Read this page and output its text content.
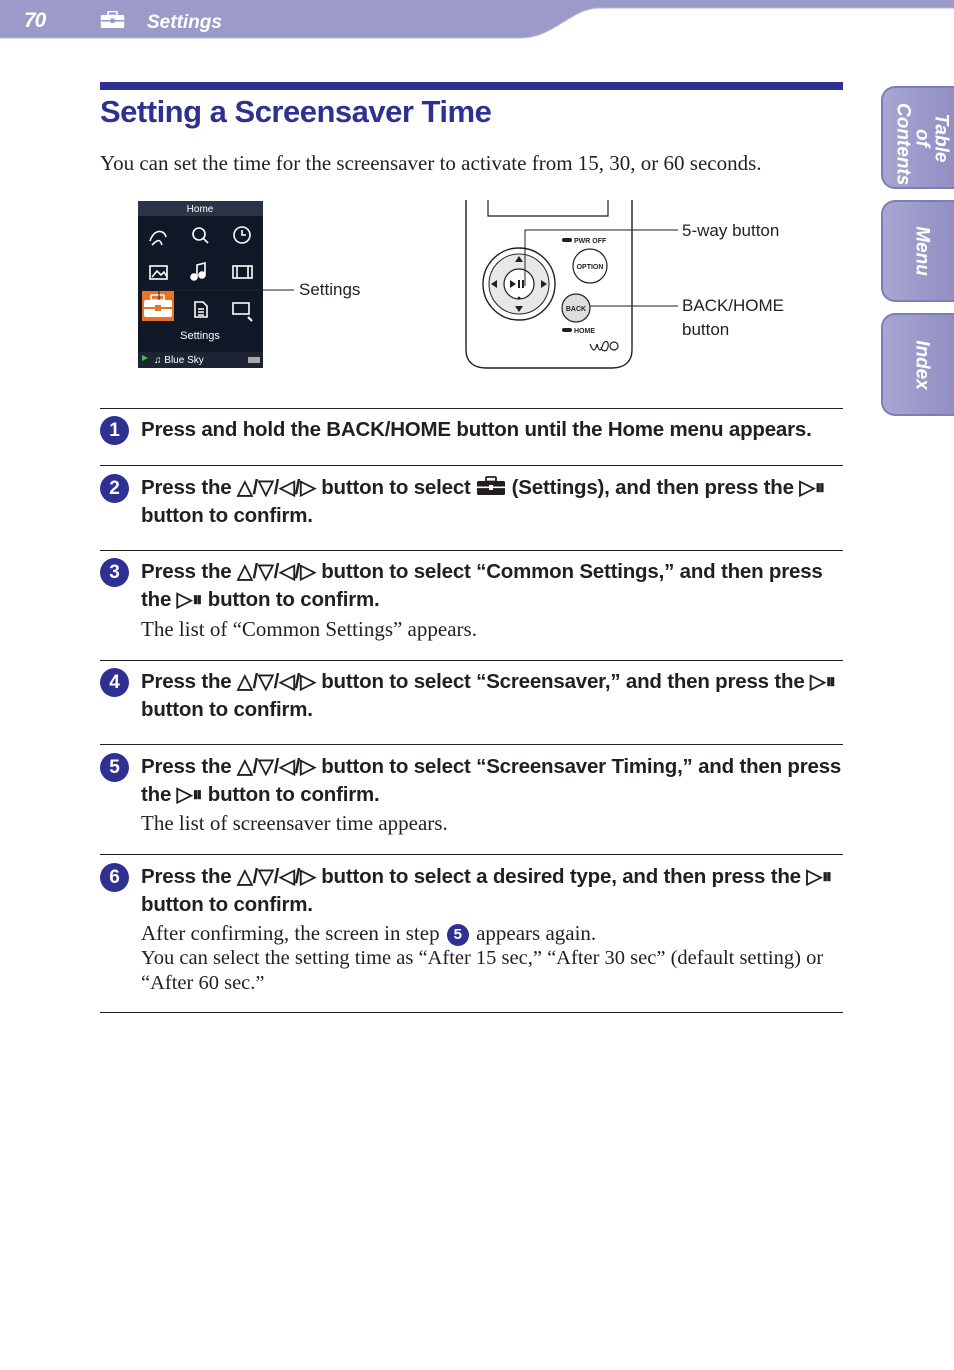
70	Settings
Table of Contents
Menu
Index
Setting a Screensaver Time

You can set the time for the screensaver to activate from 15, 30, or 60 seconds.

Home
Settings
♫ Blue Sky
Settings
PWR OFF
OPTION
BACK
HOME
5-way button
BACK/HOME
button
1	Press and hold the BACK/HOME button until the Home menu appears.
2	Press the △/▽/◁/▷ button to select  (Settings), and then press the ▷⏸ button to confirm.
3	Press the △/▽/◁/▷ button to select “Common Settings,” and then press the ▷⏸ button to confirm.
The list of “Common Settings” appears.
4	Press the △/▽/◁/▷ button to select “Screensaver,” and then press the ▷⏸ button to confirm.
5	Press the △/▽/◁/▷ button to select “Screensaver Timing,” and then press the ▷⏸ button to confirm.
The list of screensaver time appears.
6	Press the △/▽/◁/▷ button to select a desired type, and then press the ▷⏸ button to confirm.
After confirming, the screen in step 5 appears again.
You can select the setting time as “After 15 sec,” “After 30 sec” (default setting) or “After 60 sec.”
